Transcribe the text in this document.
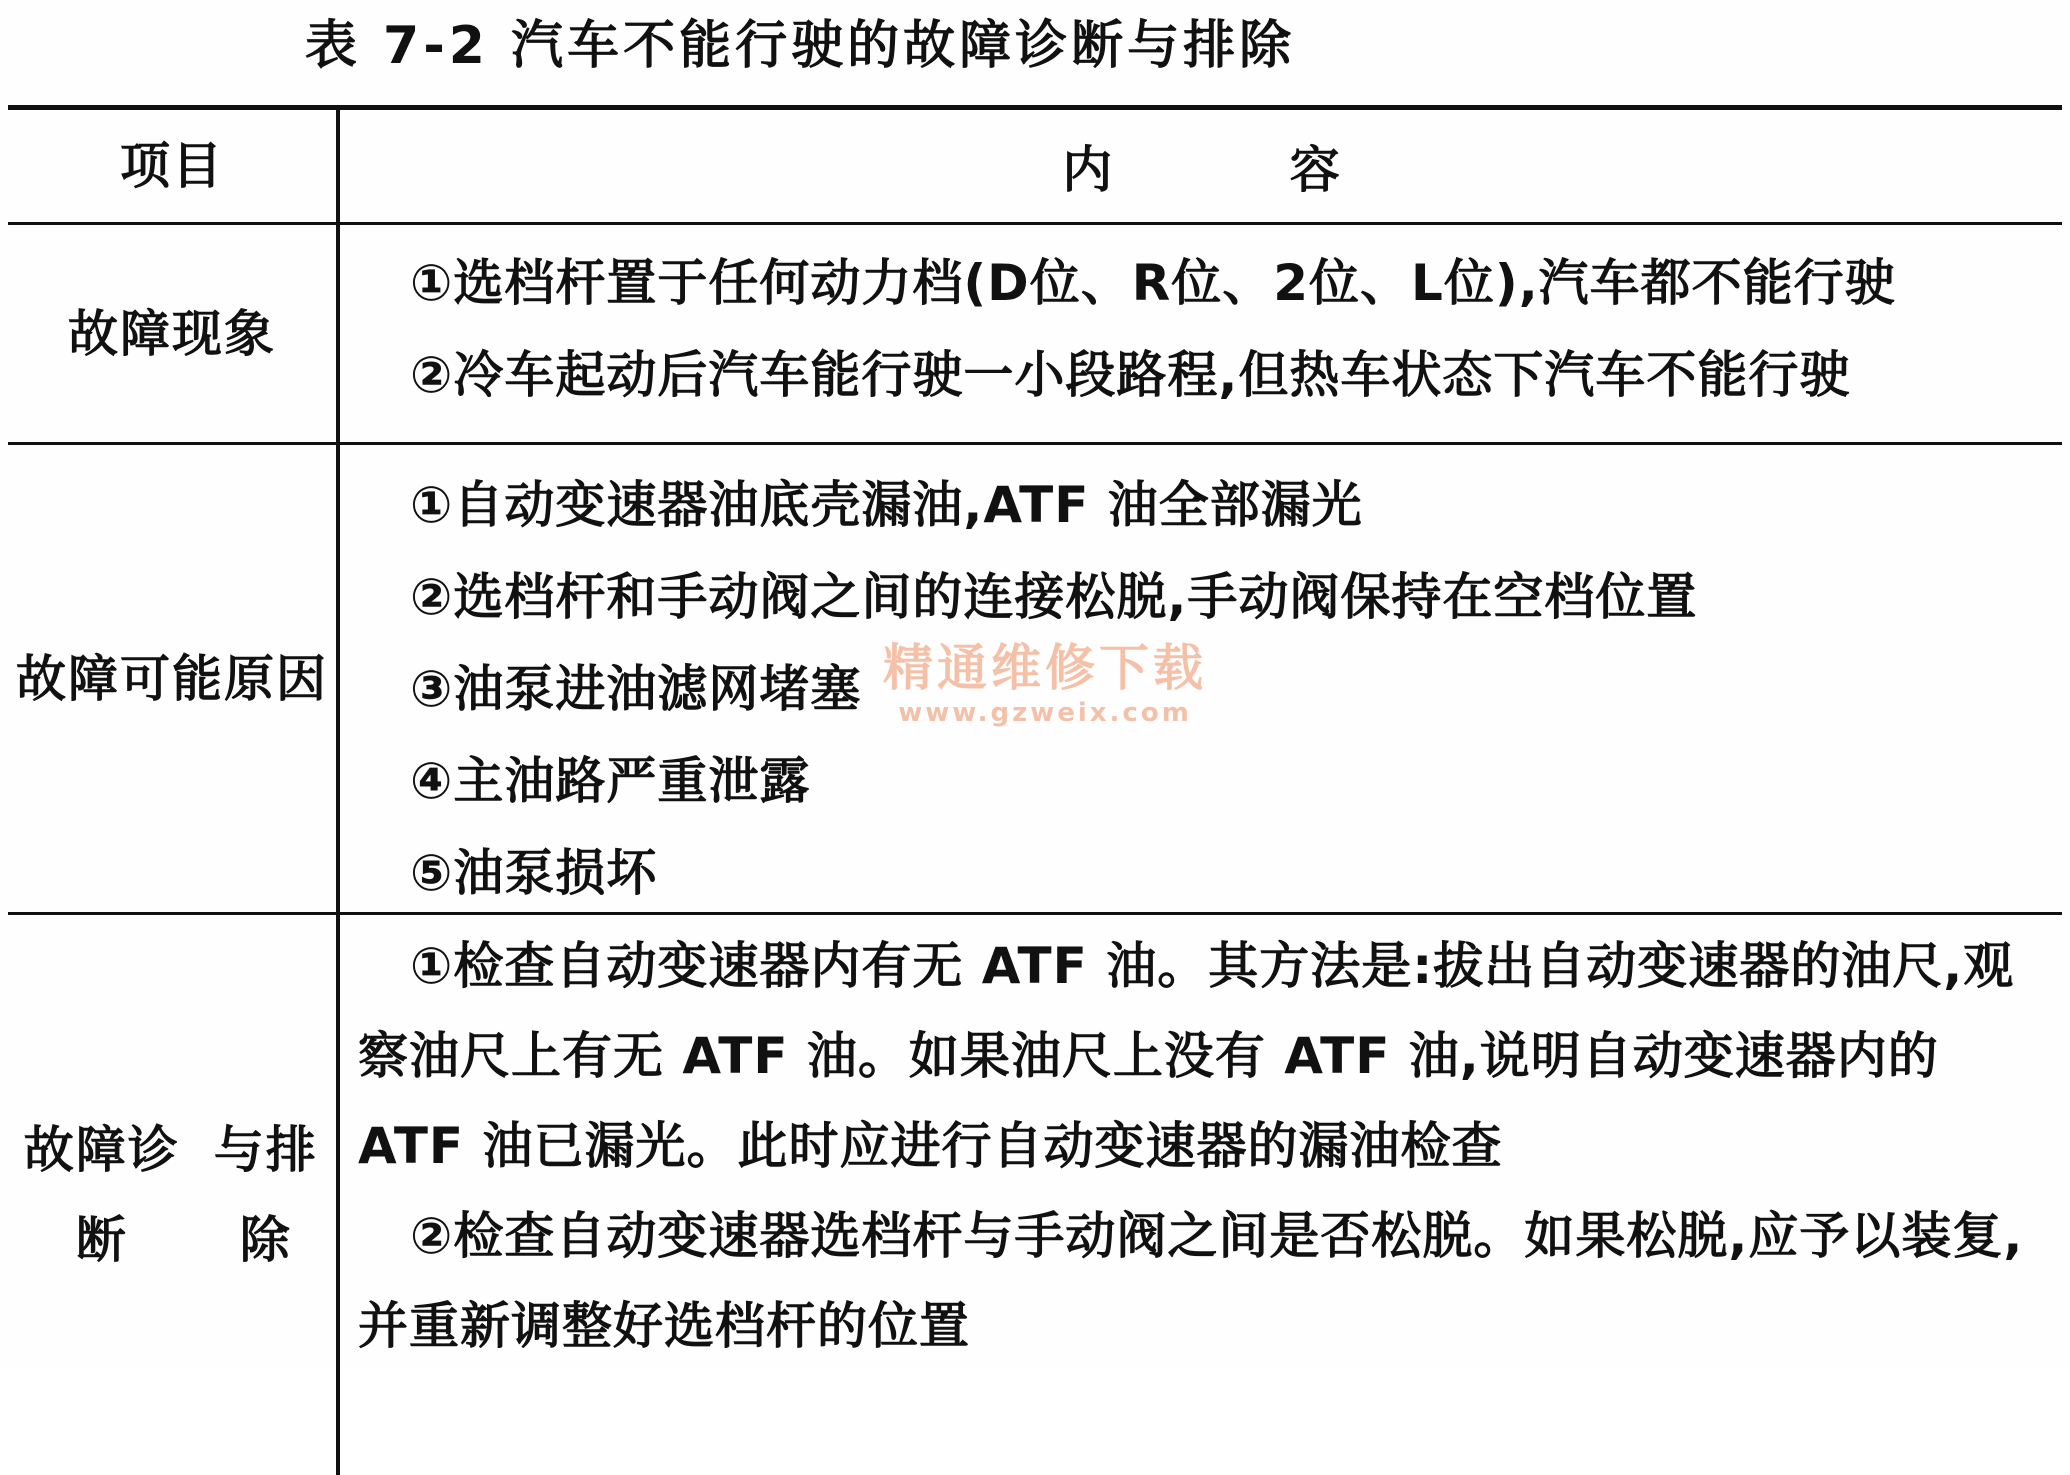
表 7-2 汽车不能行驶的故障诊断与排除
项目	内 容
故障现象
①选档杆置于任何动力档(D位、R位、2位、L位),汽车都不能行驶
②冷车起动后汽车能行驶一小段路程,但热车状态下汽车不能行驶
故障可能 原因
①自动变速器油底壳漏油,ATF 油全部漏光
②选档杆和手动阀之间的连接松脱,手动阀保持在空档位置
③油泵进油滤网堵塞
④主油路严重泄露
⑤油泵损坏
故障诊断
与排除
①检查自动变速器内有无 ATF 油。其方法是:拔出自动变速器的油尺,观察油尺上有无 ATF 油。如果油尺上没有 ATF 油,说明自动变速器内的 ATF 油已漏光。此时应进行自动变速器的漏油检查
②检查自动变速器选档杆与手动阀之间是否松脱。如果松脱,应予以装复,并重新调整好选档杆的位置
精通维修下载
www.gzweix.com
